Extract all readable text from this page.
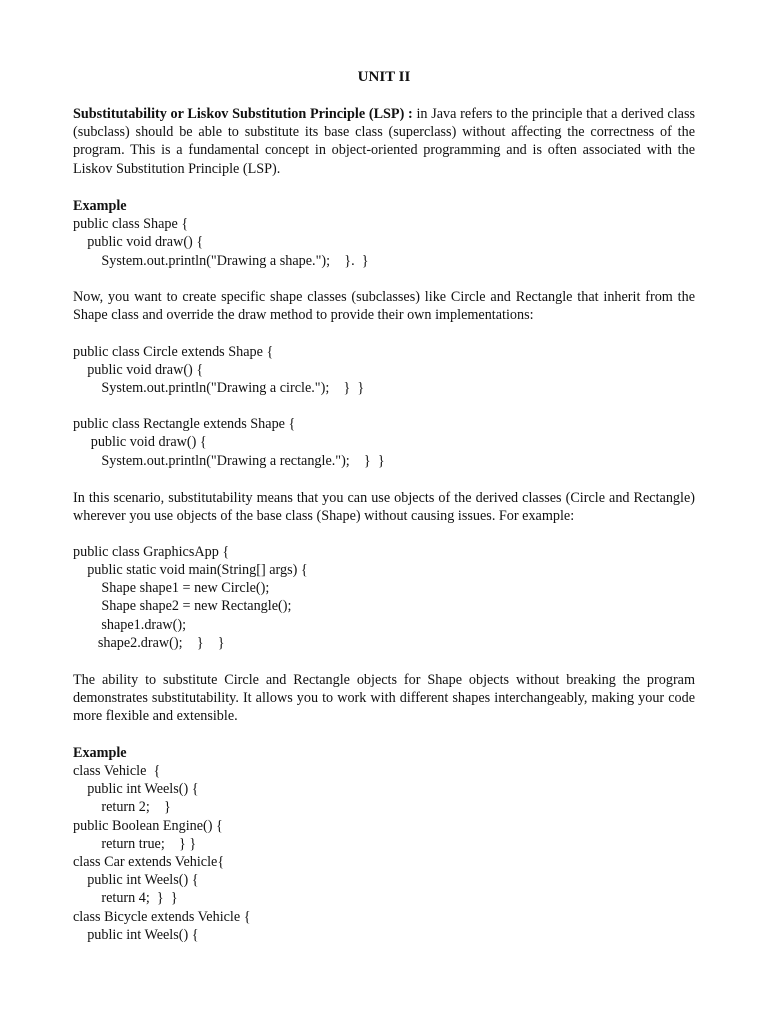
UNIT II

Substitutability or Liskov Substitution Principle (LSP) : in Java refers to the principle that a derived class (subclass) should be able to substitute its base class (superclass) without affecting the correctness of the program. This is a fundamental concept in object-oriented programming and is often associated with the Liskov Substitution Principle (LSP).

Example
public class Shape {
public void draw() {
System.out.println("Drawing a shape.");    }.  }

Now, you want to create specific shape classes (subclasses) like Circle and Rectangle that inherit from the Shape class and override the draw method to provide their own implementations:

public class Circle extends Shape {
public void draw() {
System.out.println("Drawing a circle.");    }  }
public class Rectangle extends Shape {
public void draw() {
System.out.println("Drawing a rectangle.");    }  }

In this scenario, substitutability means that you can use objects of the derived classes (Circle and Rectangle) wherever you use objects of the base class (Shape) without causing issues. For example:

public class GraphicsApp {
public static void main(String[] args) {
Shape shape1 = new Circle();
Shape shape2 = new Rectangle();
shape1.draw();
shape2.draw();    }    }

The ability to substitute Circle and Rectangle objects for Shape objects without breaking the program demonstrates substitutability. It allows you to work with different shapes interchangeably, making your code more flexible and extensible.

Example
class Vehicle  {
public int Weels() {
return 2;    }
public Boolean Engine() {
return true;    } }
class Car extends Vehicle{
public int Weels() {
return 4;  }  }
class Bicycle extends Vehicle {
public int Weels() {
